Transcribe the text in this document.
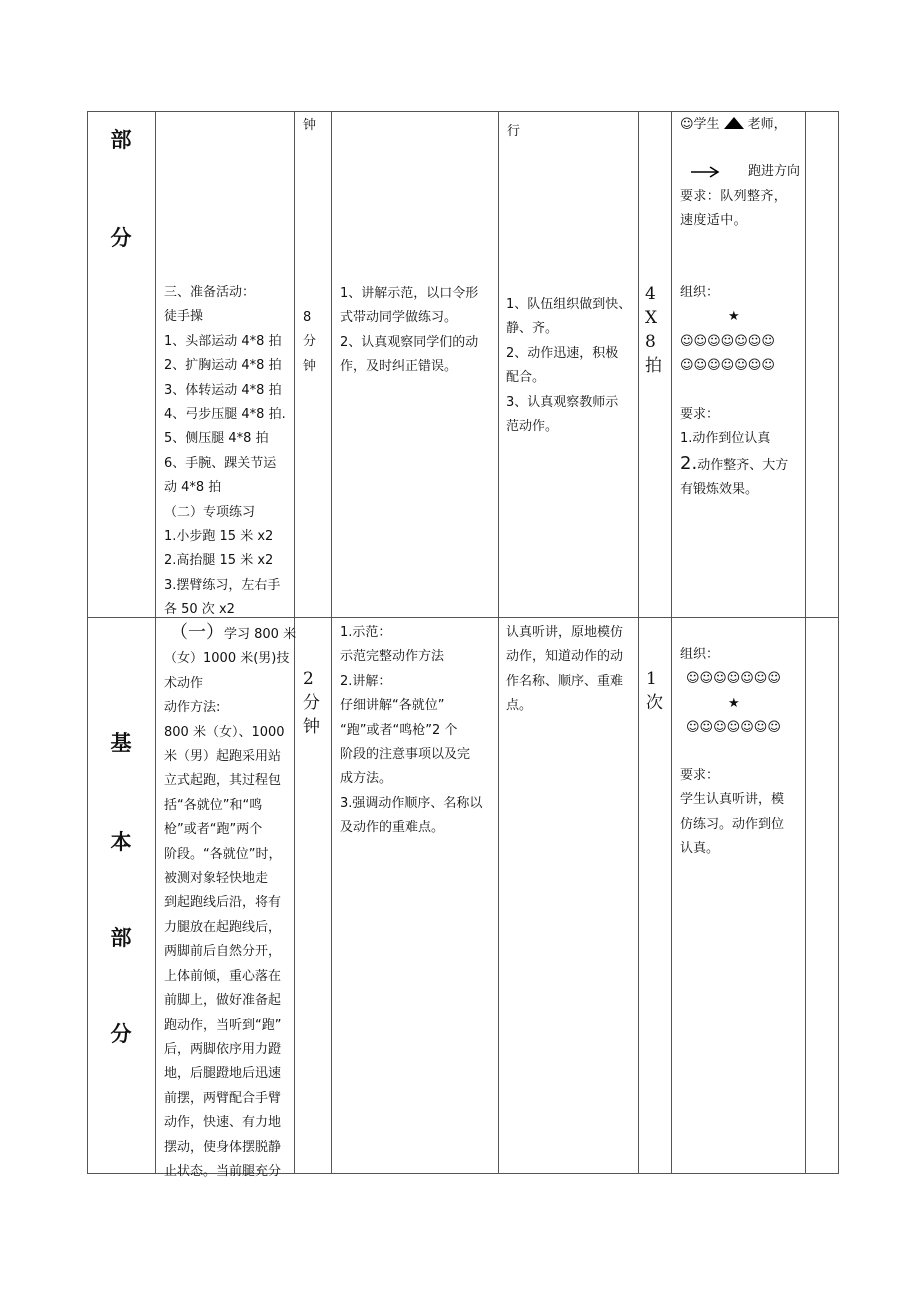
部
分
钟	行	☺学生 老师，
跑进方向
要求：队列整齐，
速度适中。
三、准备活动：
徒手操
1、头部运动 4*8 拍
2、扩胸运动 4*8 拍
3、体转运动 4*8 拍
4、弓步压腿 4*8 拍.
5、侧压腿 4*8 拍
6、手腕、踝关节运
动 4*8 拍
（二）专项练习
1.小步跑 15 米 x2
2.高抬腿 15 米 x2
3.摆臂练习，左右手
各 50 次 x2
8
分
钟
1、讲解示范，以口令形
式带动同学做练习。
2、认真观察同学们的动
作，及时纠正错误。
1、队伍组织做到快、
静、齐。
2、动作迅速，积极
配合。
3、认真观察教师示
范动作。
4
X
8
拍
组织：
★
☺☺☺☺☺☺☺
☺☺☺☺☺☺☺
要求：
1.动作到位认真
2.动作整齐、大方
有锻炼效果。
基
本
部
分
（一）学习 800 米
（女）1000 米(男)技
术动作
动作方法:
800 米（女）、1000
米（男）起跑采用站
立式起跑，其过程包
括“各就位”和“鸣
枪”或者“跑”两个
阶段。“各就位”时，
被测对象轻快地走
到起跑线后沿，将有
力腿放在起跑线后，
两脚前后自然分开，
上体前倾，重心落在
前脚上，做好准备起
跑动作，当听到“跑”
后，两脚依序用力蹬
地，后腿蹬地后迅速
前摆，两臂配合手臂
动作，快速、有力地
摆动，使身体摆脱静
止状态。当前腿充分
2
分
钟
1.示范：
示范完整动作方法
2.讲解：
仔细讲解“各就位”
“跑”或者“鸣枪”2 个
阶段的注意事项以及完
成方法。
3.强调动作顺序、名称以
及动作的重难点。
认真听讲，原地模仿
动作，知道动作的动
作名称、顺序、重难
点。
1
次
组织：
☺☺☺☺☺☺☺
★
☺☺☺☺☺☺☺
要求：
学生认真听讲，模
仿练习。动作到位
认真。
